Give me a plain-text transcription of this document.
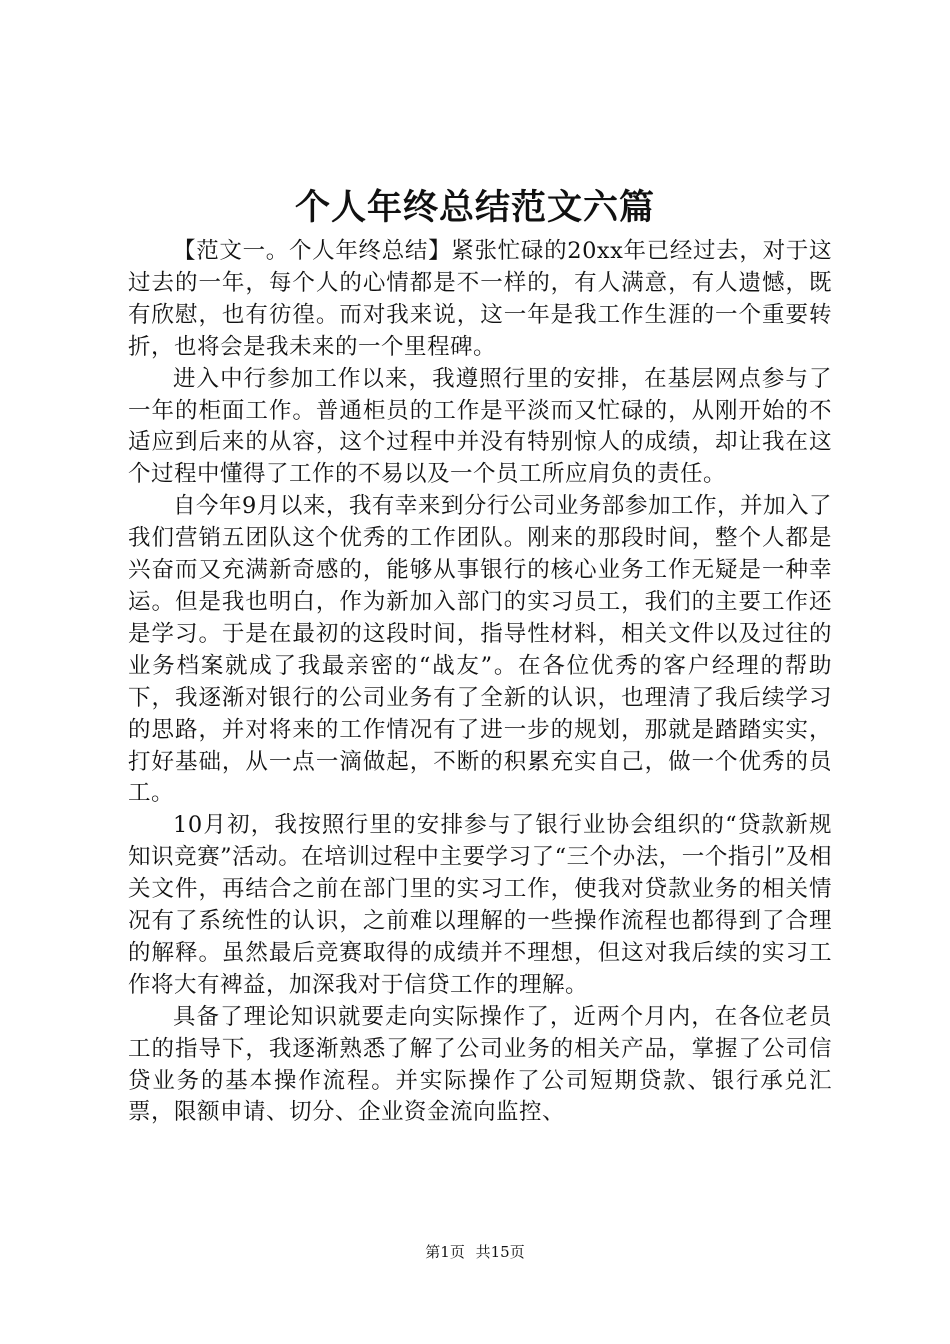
个人年终总结范文六篇

【范文一。个人年终总结】紧张忙碌的20xx年已经过去，对于这过去的一年，每个人的心情都是不一样的，有人满意，有人遗憾，既有欣慰，也有彷徨。而对我来说，这一年是我工作生涯的一个重要转折，也将会是我未来的一个里程碑。

进入中行参加工作以来，我遵照行里的安排，在基层网点参与了一年的柜面工作。普通柜员的工作是平淡而又忙碌的，从刚开始的不适应到后来的从容，这个过程中并没有特别惊人的成绩，却让我在这个过程中懂得了工作的不易以及一个员工所应肩负的责任。

自今年9月以来，我有幸来到分行公司业务部参加工作，并加入了我们营销五团队这个优秀的工作团队。刚来的那段时间，整个人都是兴奋而又充满新奇感的，能够从事银行的核心业务工作无疑是一种幸运。但是我也明白，作为新加入部门的实习员工，我们的主要工作还是学习。于是在最初的这段时间，指导性材料，相关文件以及过往的业务档案就成了我最亲密的“战友”。在各位优秀的客户经理的帮助下，我逐渐对银行的公司业务有了全新的认识，也理清了我后续学习的思路，并对将来的工作情况有了进一步的规划，那就是踏踏实实，打好基础，从一点一滴做起，不断的积累充实自己，做一个优秀的员工。

10月初，我按照行里的安排参与了银行业协会组织的“贷款新规知识竞赛”活动。在培训过程中主要学习了“三个办法，一个指引”及相关文件，再结合之前在部门里的实习工作，使我对贷款业务的相关情况有了系统性的认识，之前难以理解的一些操作流程也都得到了合理的解释。虽然最后竞赛取得的成绩并不理想，但这对我后续的实习工作将大有裨益，加深我对于信贷工作的理解。

具备了理论知识就要走向实际操作了，近两个月内，在各位老员工的指导下，我逐渐熟悉了解了公司业务的相关产品，掌握了公司信贷业务的基本操作流程。并实际操作了公司短期贷款、银行承兑汇票，限额申请、切分、企业资金流向监控、

第1页 共15页
